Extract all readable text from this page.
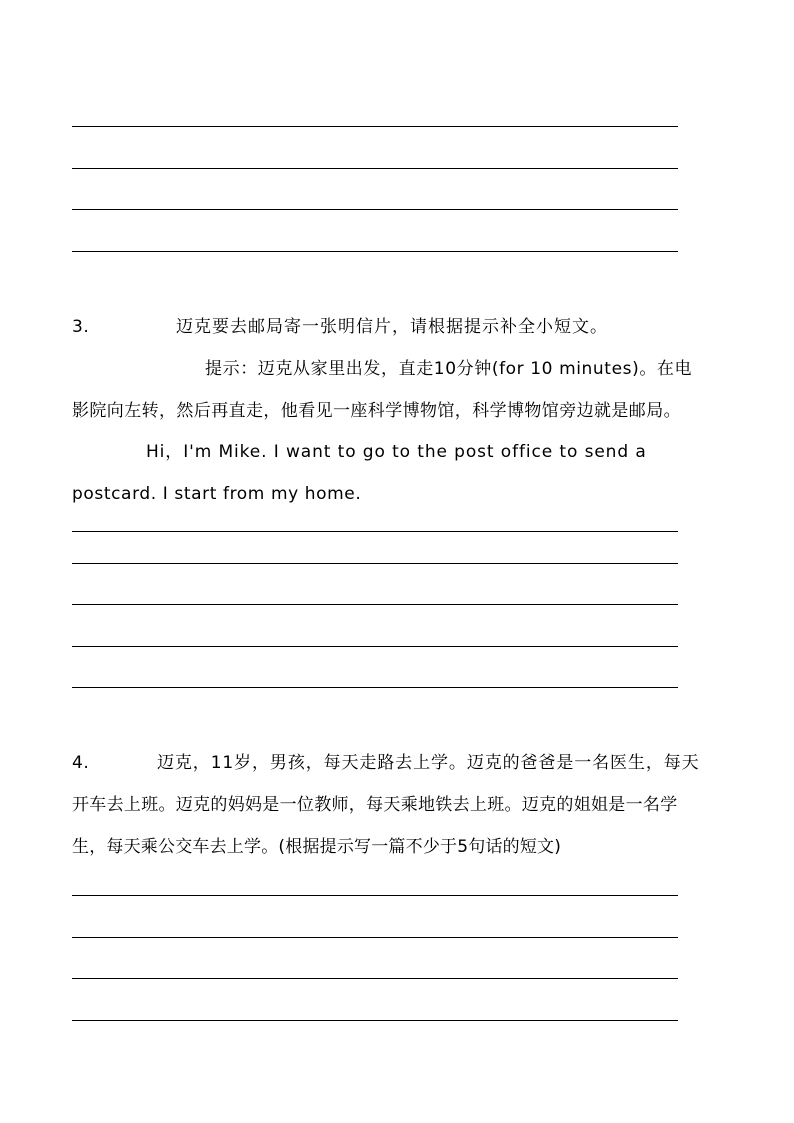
3.	迈克要去邮局寄一张明信片，请根据提示补全小短文。
提示：迈克从家里出发，直走10分钟(for 10 minutes)。在电
影院向左转，然后再直走，他看见一座科学博物馆，科学博物馆旁边就是邮局。
Hi，I'm Mike. I want to go to the post office to send a
postcard. I start from my home.
4.	迈克，11岁，男孩，每天走路去上学。迈克的爸爸是一名医生，每天
开车去上班。迈克的妈妈是一位教师，每天乘地铁去上班。迈克的姐姐是一名学
生，每天乘公交车去上学。(根据提示写一篇不少于5句话的短文)
